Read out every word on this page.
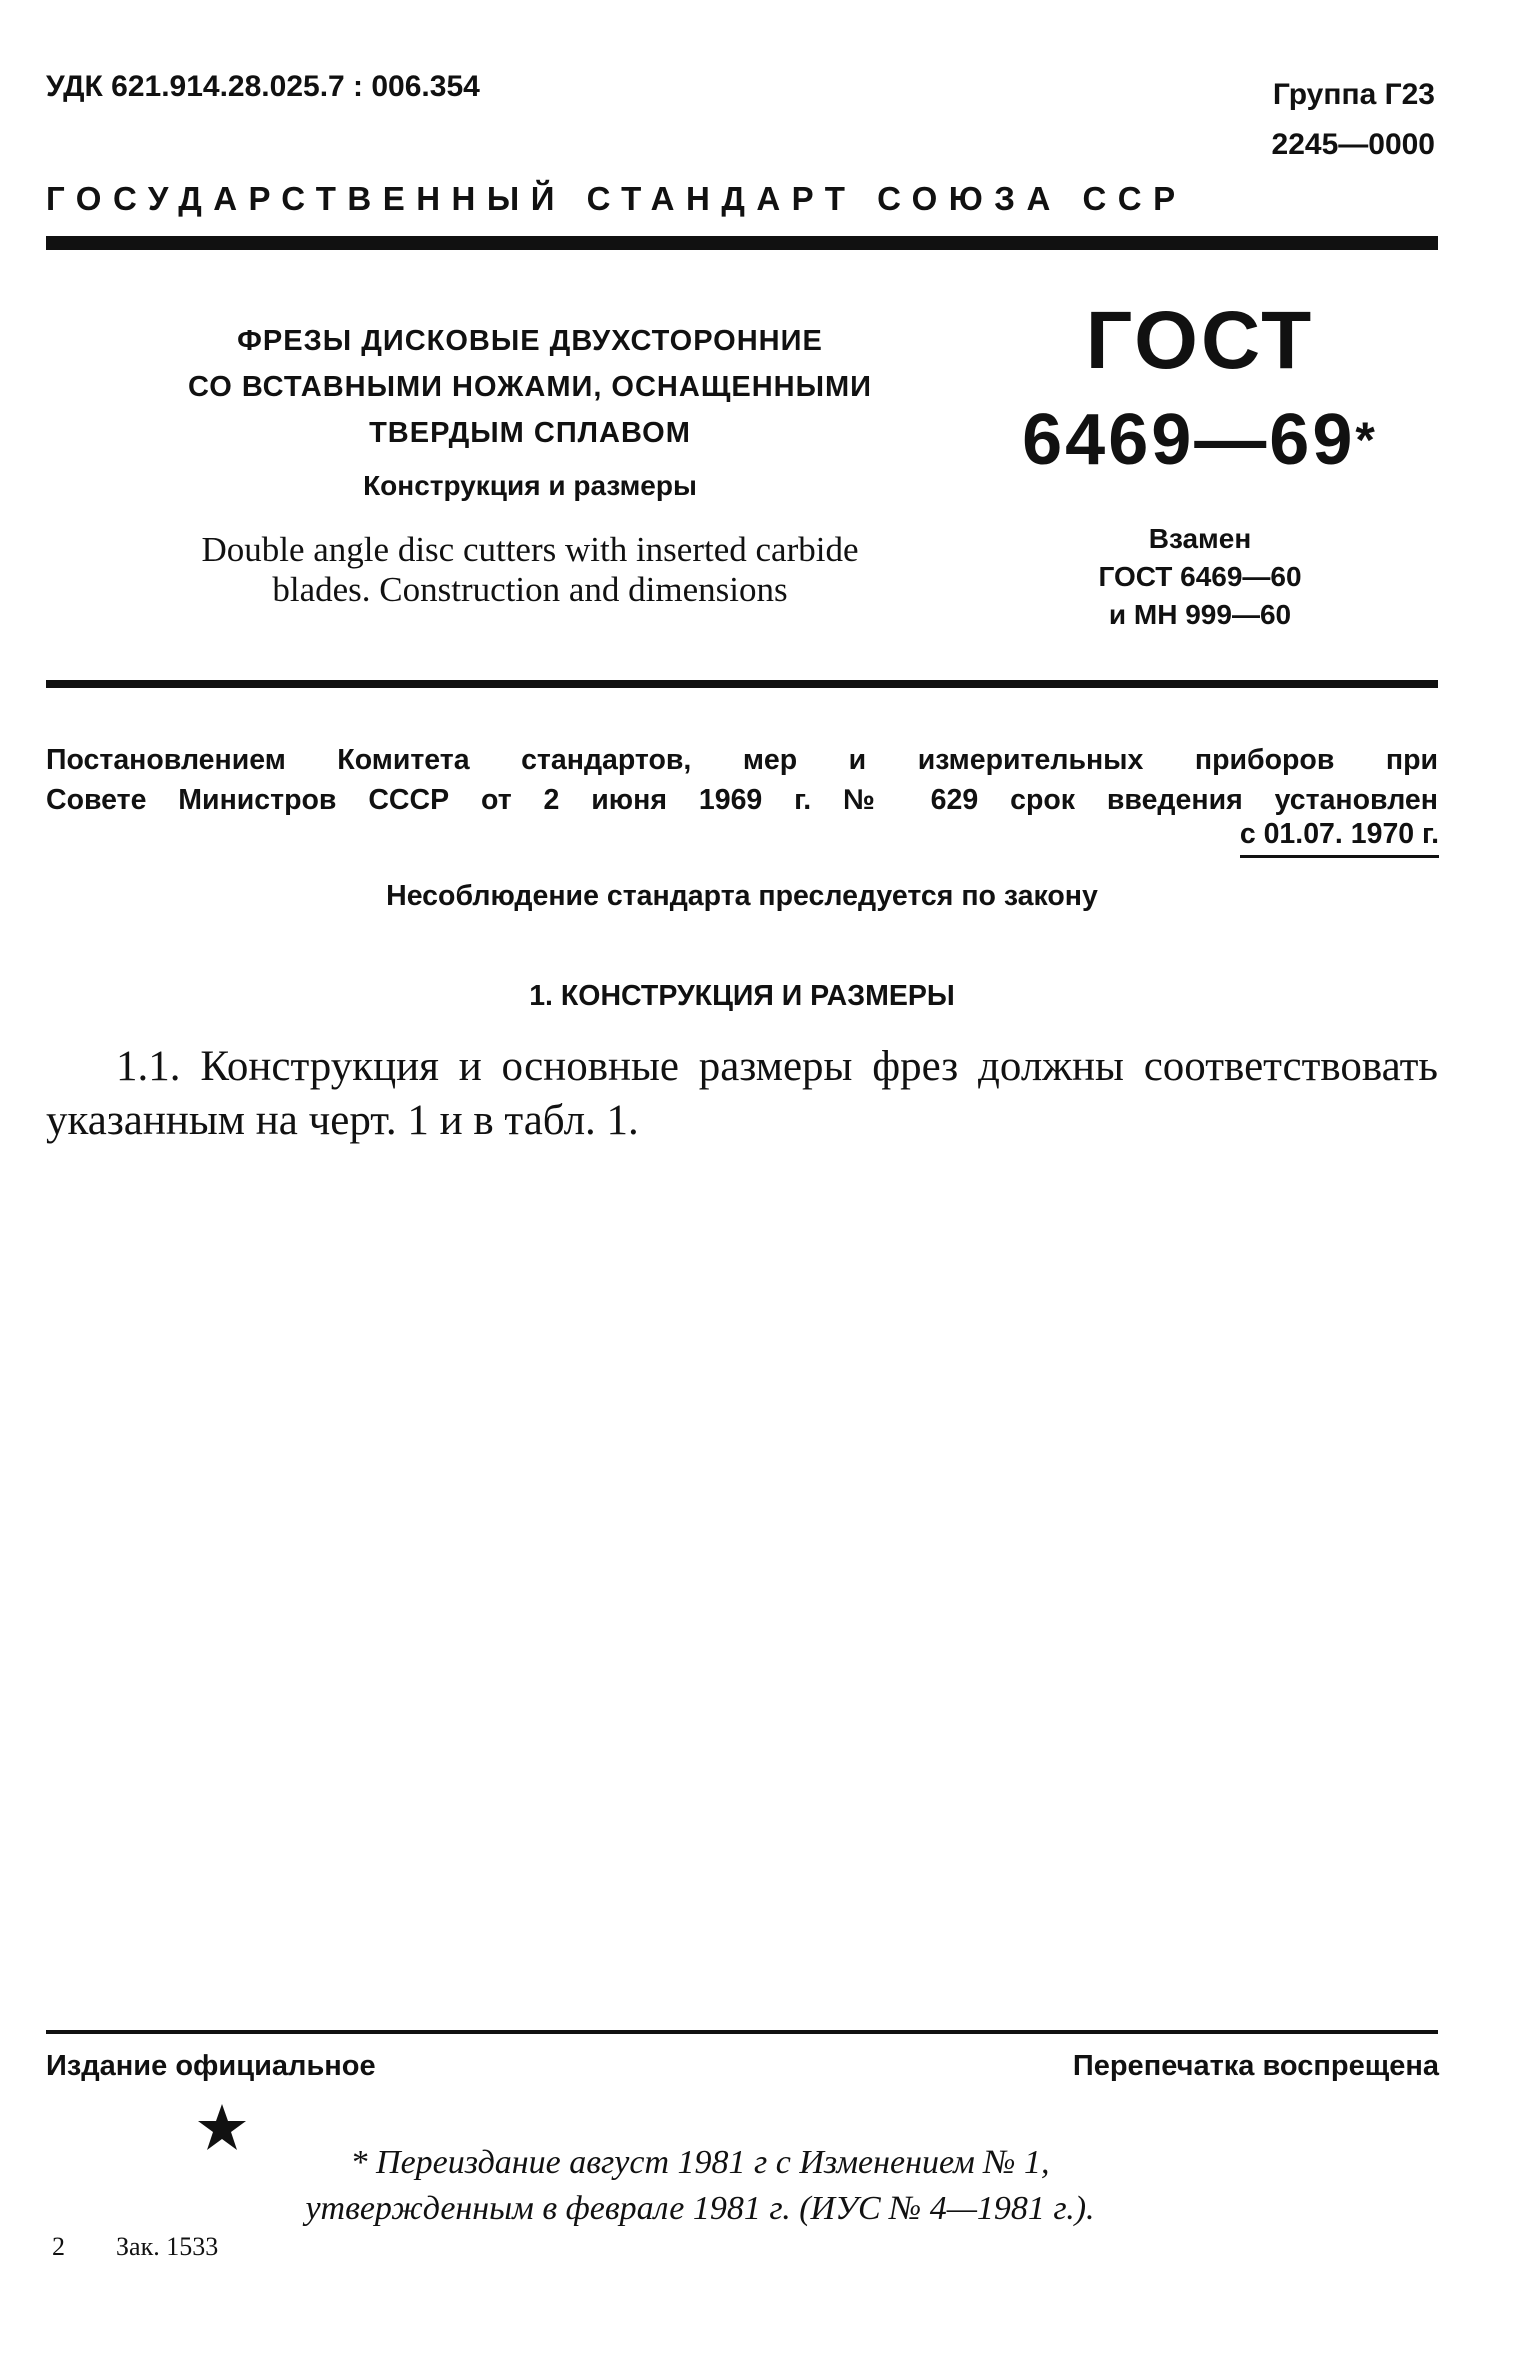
УДК 621.914.28.025.7 : 006.354	Группа Г23
2245—0000
ГОСУДАРСТВЕННЫЙ СТАНДАРТ СОЮЗА ССР
ФРЕЗЫ ДИСКОВЫЕ ДВУХСТОРОННИЕ
СО ВСТАВНЫМИ НОЖАМИ, ОСНАЩЕННЫМИ
ТВЕРДЫМ СПЛАВОМ
Конструкция и размеры
Double angle disc cutters with inserted carbide
blades. Construction and dimensions
ГОСТ
6469—69*
Взамен
ГОСТ 6469—60
и МН 999—60
Постановлением Комитета стандартов, мер и измерительных приборов при
Совете Министров СССР от 2 июня 1969 г. № 629 срок введения установлен
с 01.07. 1970 г.
Несоблюдение стандарта преследуется по закону
1. КОНСТРУКЦИЯ И РАЗМЕРЫ
1.1. Конструкция и основные размеры фрез должны соответствовать указанным на черт. 1 и в табл. 1.
Издание официальное	Перепечатка воспрещена
* Переиздание август 1981 г с Изменением № 1,
утвержденным в феврале 1981 г. (ИУС № 4—1981 г.).
2 Зак. 1533
